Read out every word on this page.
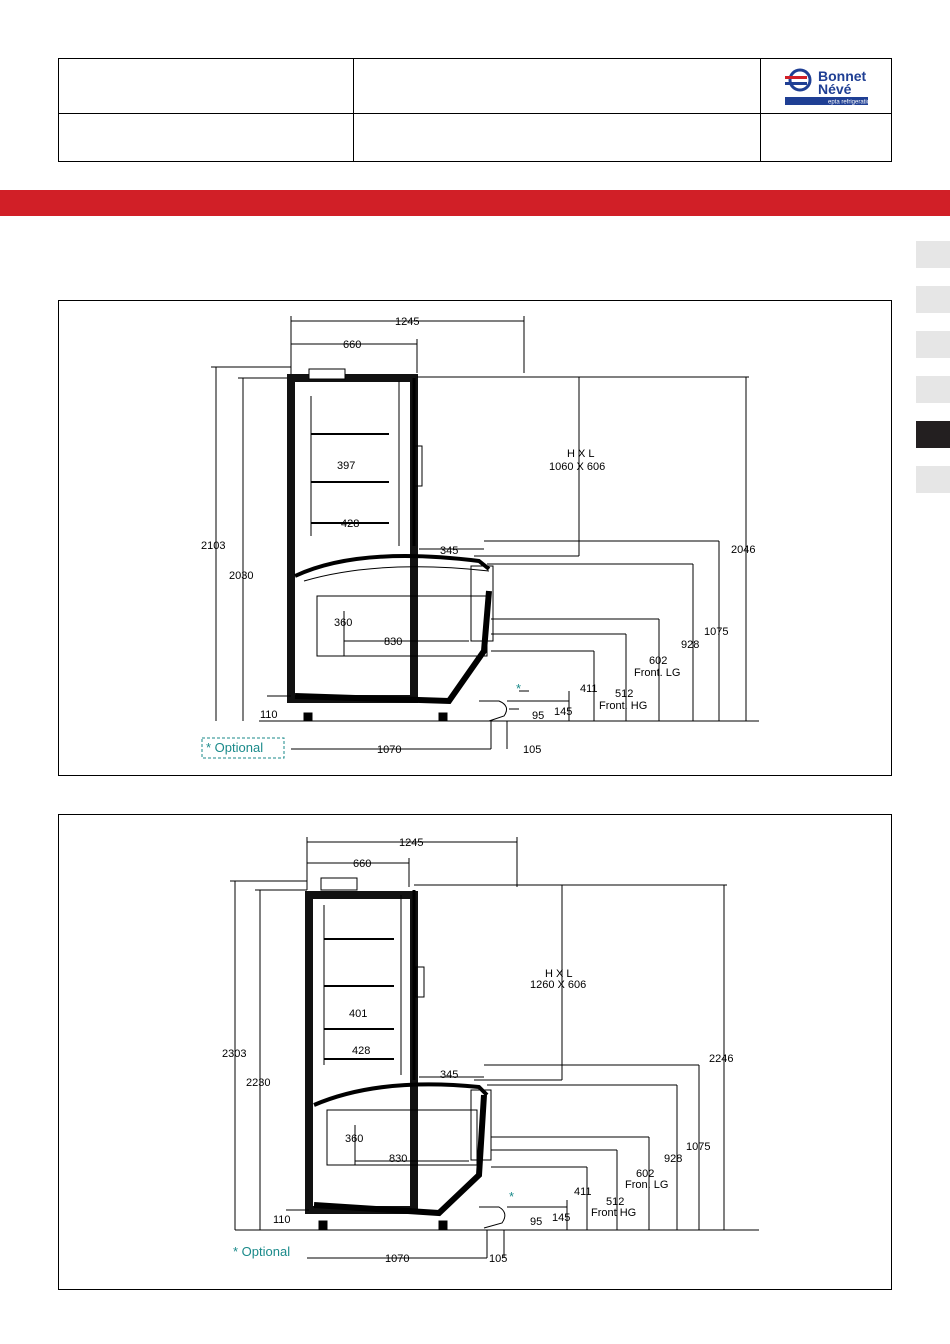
Bonnet
Névé
epta refrigeration
1245
660
H X L
1060 X 606
397
428
345
360
830
2103
2030
2046
1075
928
602
Front. LG
512
Front. HG
411
145
95
110
1070	105
*
* Optional
1245
660
H X L
1260 X 606
401
428
345
360
830
2303
2230
2246
1075
928
602
Fron. LG
512
Front HG
411
145
95
110
1070	105
*
* Optional
